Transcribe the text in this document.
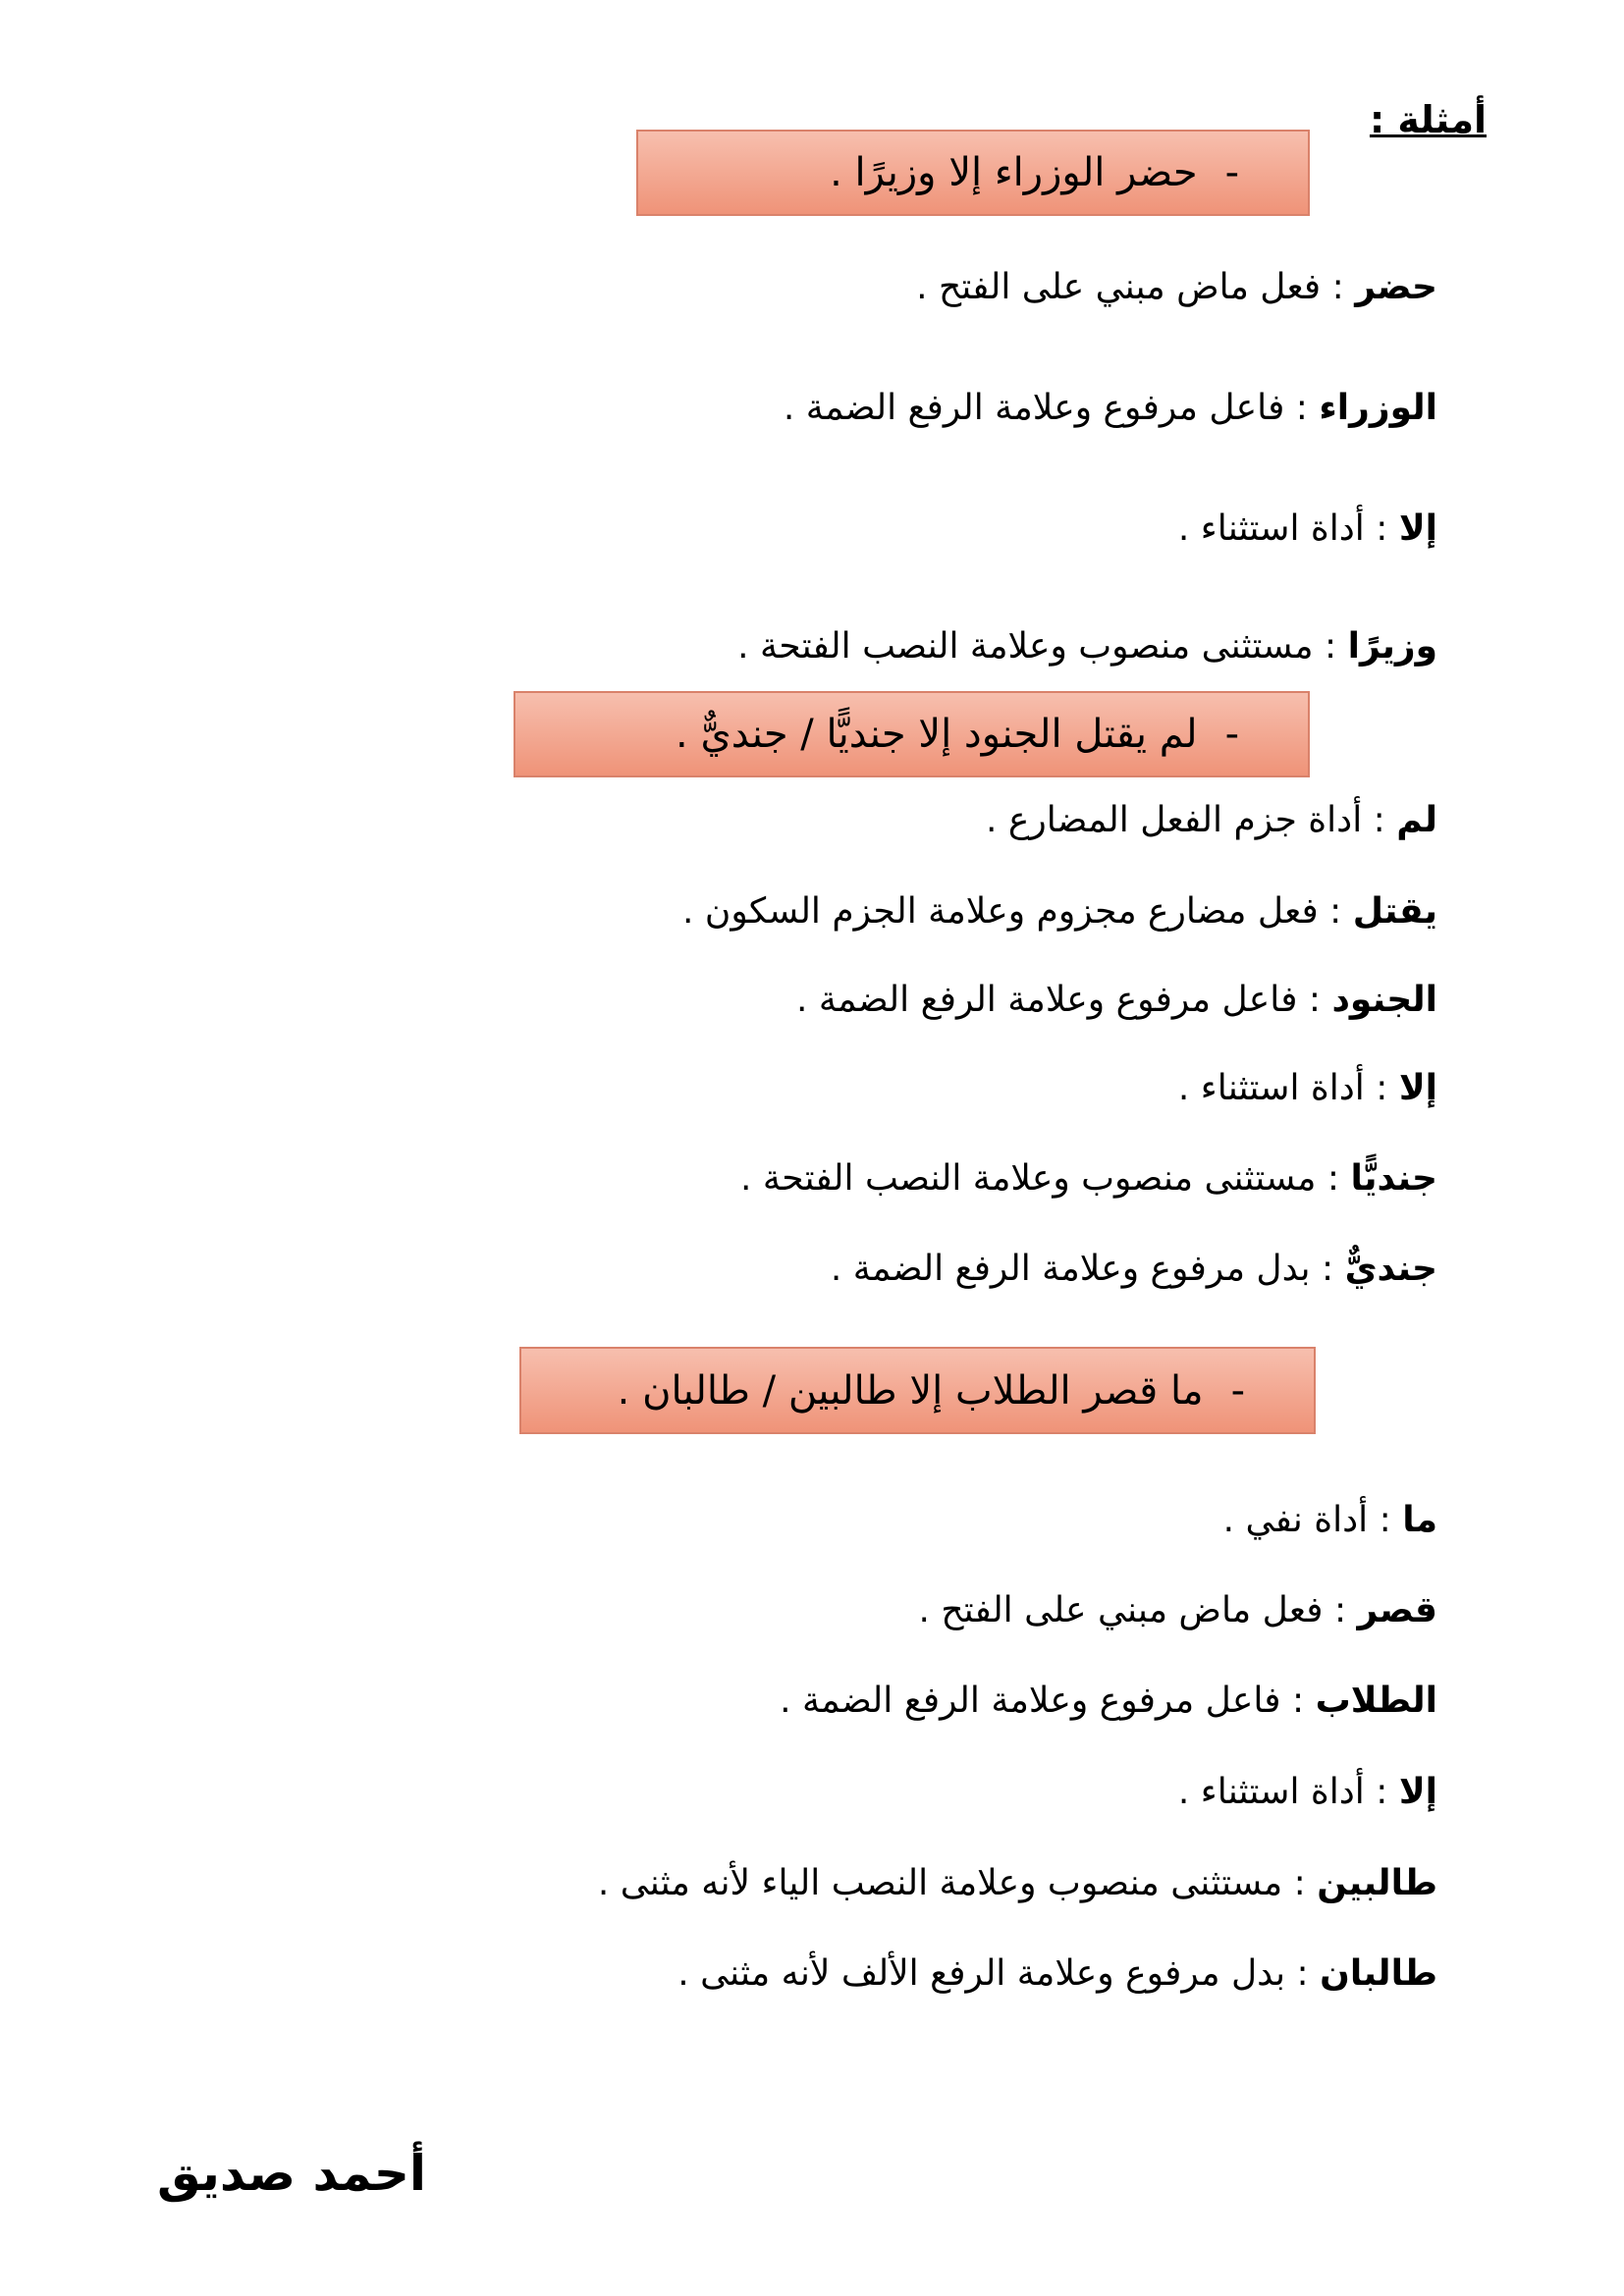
أمثلة :
-
حضر الوزراء إلا وزيرًا .
حضر : فعل ماض مبني على الفتح .
الوزراء : فاعل مرفوع وعلامة الرفع الضمة .
إلا : أداة استثناء .
وزيرًا : مستثنى منصوب وعلامة النصب الفتحة .
-
لم يقتل الجنود إلا جنديًّا / جنديٌّ .
لم : أداة جزم الفعل المضارع .
يقتل : فعل مضارع مجزوم وعلامة الجزم السكون .
الجنود : فاعل مرفوع وعلامة الرفع الضمة .
إلا : أداة استثناء .
جنديًّا : مستثنى منصوب وعلامة النصب الفتحة .
جنديٌّ : بدل مرفوع وعلامة الرفع الضمة .
-
ما قصر الطلاب إلا طالبين / طالبان .
ما : أداة نفي .
قصر : فعل ماض مبني على الفتح .
الطلاب : فاعل مرفوع وعلامة الرفع الضمة .
إلا : أداة استثناء .
طالبين : مستثنى منصوب وعلامة النصب الياء لأنه مثنى .
طالبان : بدل مرفوع وعلامة الرفع الألف لأنه مثنى .
أحمد صديق
